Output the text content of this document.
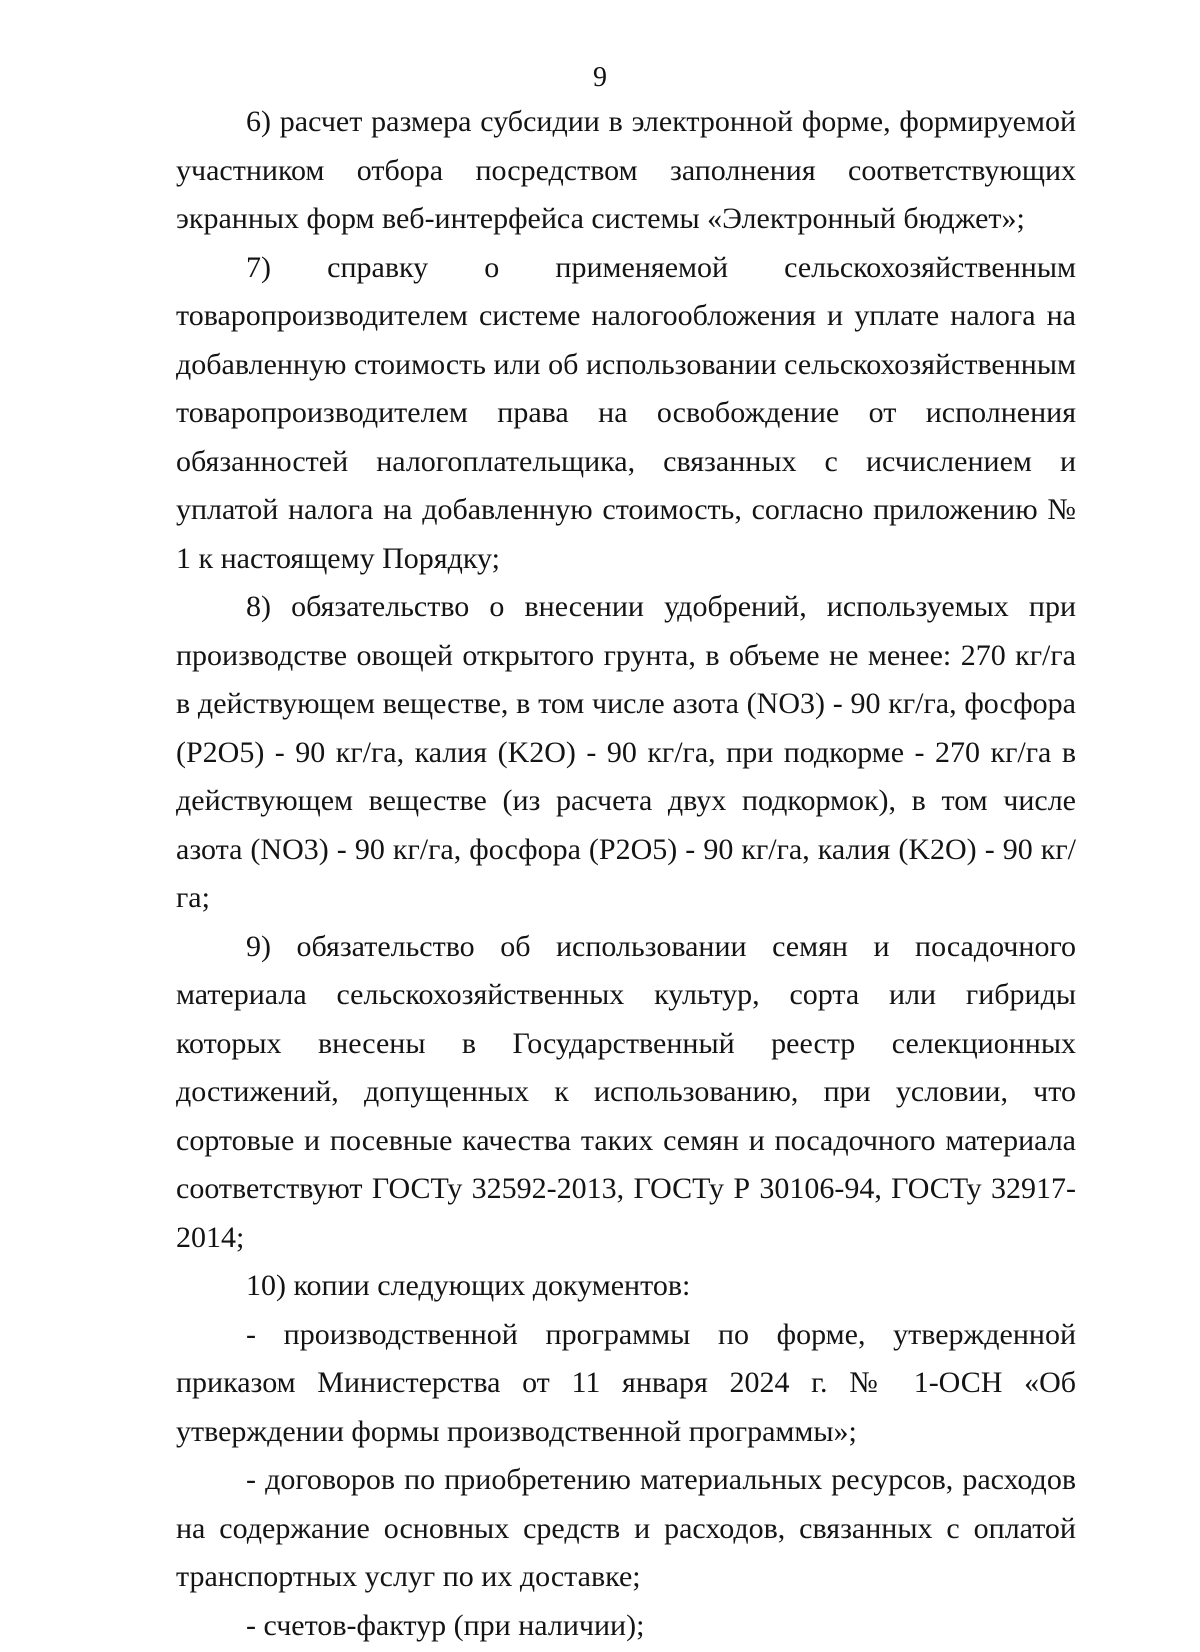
9

6) расчет размера субсидии в электронной форме, формируемой участником отбора посредством заполнения соответствующих экранных форм веб-интерфейса системы «Электронный бюджет»;

7) справку о применяемой сельскохозяйственным товаропроизводителем системе налогообложения и уплате налога на добавленную стоимость или об использовании сельскохозяйственным товаропроизводителем права на освобождение от исполнения обязанностей налогоплательщика, связанных с исчислением и уплатой налога на добавленную стоимость, согласно приложению № 1 к настоящему Порядку;

8) обязательство о внесении удобрений, используемых при производстве овощей открытого грунта, в объеме не менее: 270 кг/га в действующем веществе, в том числе азота (NO3) - 90 кг/га, фосфора (P2O5) - 90 кг/га, калия (K2O) - 90 кг/га, при подкорме - 270 кг/га в действующем веществе (из расчета двух подкормок), в том числе азота (NO3) - 90 кг/га, фосфора (P2O5) - 90 кг/га, калия (K2O) - 90 кг/га;

9) обязательство об использовании семян и посадочного материала сельскохозяйственных культур, сорта или гибриды которых внесены в Государственный реестр селекционных достижений, допущенных к использованию, при условии, что сортовые и посевные качества таких семян и посадочного материала соответствуют ГОСТу 32592-2013, ГОСТу Р 30106-94, ГОСТу 32917-2014;

10) копии следующих документов:

- производственной программы по форме, утвержденной приказом Министерства от 11 января 2024 г. № 1-ОСН «Об утверждении формы производственной программы»;

- договоров по приобретению материальных ресурсов, расходов на содержание основных средств и расходов, связанных с оплатой транспортных услуг по их доставке;

- счетов-фактур (при наличии);
